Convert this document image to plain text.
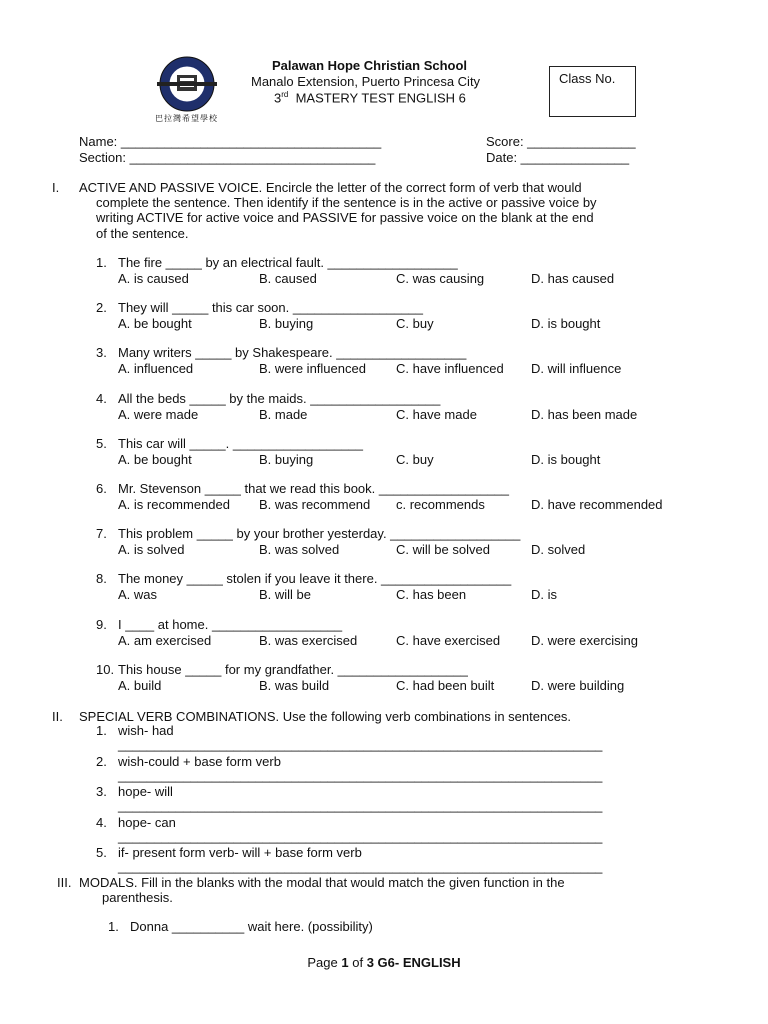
巴拉灣希望學校
Palawan Hope Christian School
Manalo Extension, Puerto Princesa City
3rd MASTERY TEST ENGLISH 6
Class No.
Name: ____________________________________
Section: __________________________________
Score: _______________
Date: _______________
I. ACTIVE AND PASSIVE VOICE. Encircle the letter of the correct form of verb that would
complete the sentence. Then identify if the sentence is in the active or passive voice by
writing ACTIVE for active voice and PASSIVE for passive voice on the blank at the end
of the sentence.
1. The fire _____ by an electrical fault. __________________
A. is caused	B. caused	C. was causing	D. has caused
2. They will _____ this car soon. __________________
A. be bought	B. buying	C. buy	D. is bought
3. Many writers _____ by Shakespeare. __________________
A. influenced	B. were influenced C. have influenced D. will influence
4. All the beds _____ by the maids. __________________
A. were made	B. made	C. have made	D. has been made
5. This car will _____. __________________
A. be bought	B. buying	C. buy	D. is bought
6. Mr. Stevenson _____ that we read this book. __________________
A. is recommended B. was recommend c. recommends	D. have recommended
7. This problem _____ by your brother yesterday. __________________
A. is solved	B. was solved	C. will be solved	D. solved
8. The money _____ stolen if you leave it there. __________________
A. was	B. will be	C. has been	D. is
9. I ____ at home. __________________
A. am exercised	B. was exercised	C. have exercised D. were exercising
10. This house _____ for my grandfather. __________________
A. build	B. was build	C. had been built	D. were building
II. SPECIAL VERB COMBINATIONS. Use the following verb combinations in sentences.
1. wish- had
___________________________________________________________________
2. wish-could + base form verb
___________________________________________________________________
3. hope- will
___________________________________________________________________
4. hope- can
___________________________________________________________________
5. if- present form verb- will + base form verb
___________________________________________________________________
III. MODALS. Fill in the blanks with the modal that would match the given function in the
parenthesis.
1. Donna __________ wait here. (possibility)
Page 1 of 3 G6- ENGLISH
